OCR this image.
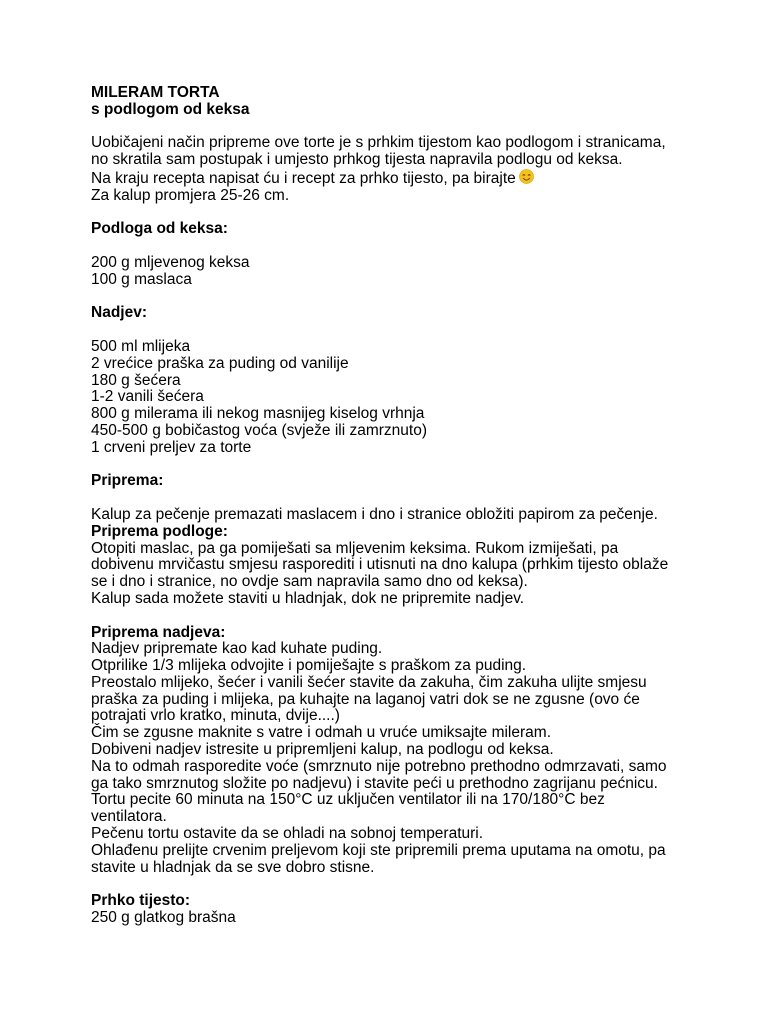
MILERAM TORTA
s podlogom od keksa
Uobičajeni način pripreme ove torte je s prhkim tijestom kao podlogom i stranicama,
no skratila sam postupak i umjesto prhkog tijesta napravila podlogu od keksa.
Na kraju recepta napisat ću i recept za prhko tijesto, pa birajte
Za kalup promjera 25-26 cm.
Podloga od keksa:
200 g mljevenog keksa
100 g maslaca
Nadjev:
500 ml mlijeka
2 vrećice praška za puding od vanilije
180 g šećera
1-2 vanili šećera
800 g milerama ili nekog masnijeg kiselog vrhnja
450-500 g bobičastog voća (svježe ili zamrznuto)
1 crveni preljev za torte
Priprema:
Kalup za pečenje premazati maslacem i dno i stranice obložiti papirom za pečenje.
Priprema podloge:
Otopiti maslac, pa ga pomiješati sa mljevenim keksima. Rukom izmiješati, pa
dobivenu mrvičastu smjesu rasporediti i utisnuti na dno kalupa (prhkim tijesto oblaže
se i dno i stranice, no ovdje sam napravila samo dno od keksa).
Kalup sada možete staviti u hladnjak, dok ne pripremite nadjev.
Priprema nadjeva:
Nadjev pripremate kao kad kuhate puding.
Otprilike 1/3 mlijeka odvojite i pomiješajte s praškom za puding.
Preostalo mlijeko, šećer i vanili šećer stavite da zakuha, čim zakuha ulijte smjesu
praška za puding i mlijeka, pa kuhajte na laganoj vatri dok se ne zgusne (ovo će
potrajati vrlo kratko, minuta, dvije....)
Čim se zgusne maknite s vatre i odmah u vruće umiksajte mileram.
Dobiveni nadjev istresite u pripremljeni kalup, na podlogu od keksa.
Na to odmah rasporedite voće (smrznuto nije potrebno prethodno odmrzavati, samo
ga tako smrznutog složite po nadjevu) i stavite peći u prethodno zagrijanu pećnicu.
Tortu pecite 60 minuta na 150°C uz uključen ventilator ili na 170/180°C bez
ventilatora.
Pečenu tortu ostavite da se ohladi na sobnoj temperaturi.
Ohlađenu prelijte crvenim preljevom koji ste pripremili prema uputama na omotu, pa
stavite u hladnjak da se sve dobro stisne.
Prhko tijesto:
250 g glatkog brašna
